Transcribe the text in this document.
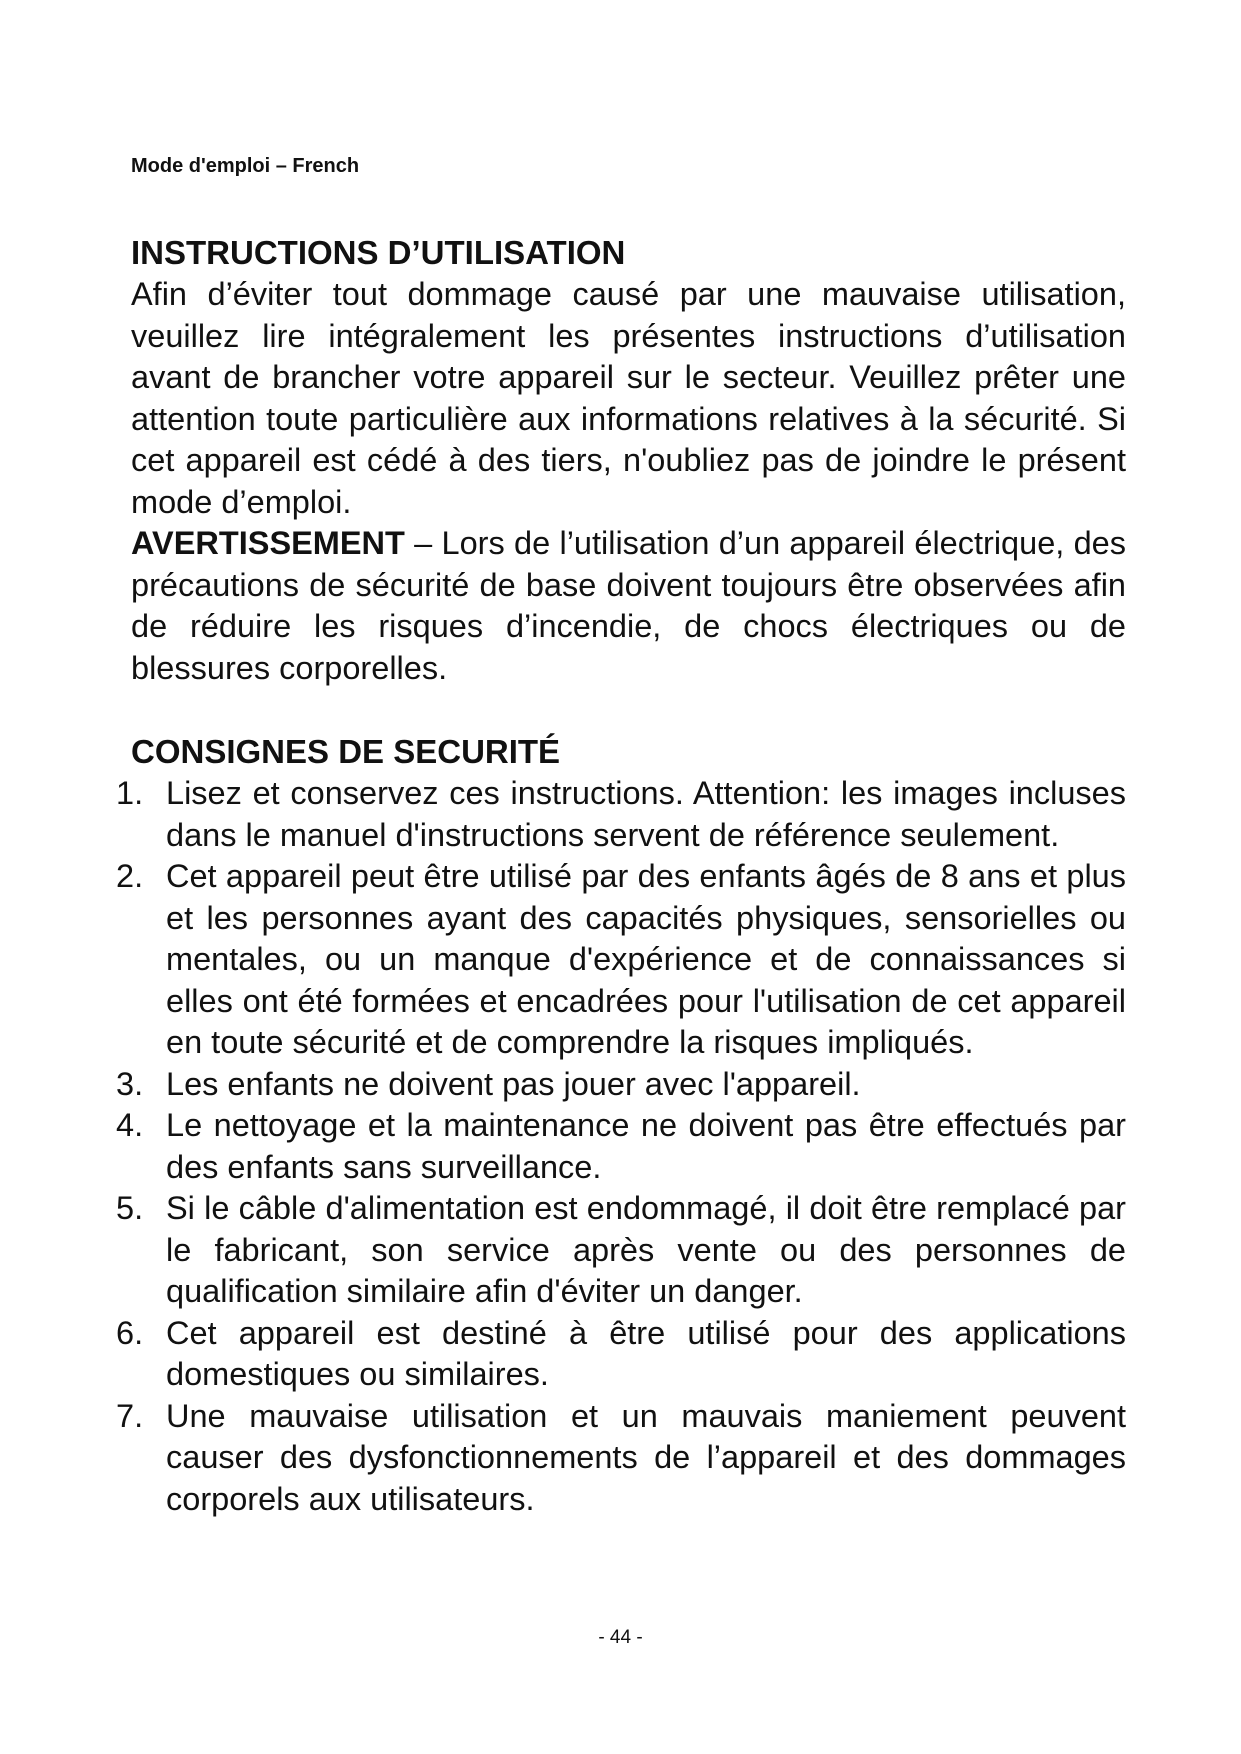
Mode d'emploi – French
INSTRUCTIONS D’UTILISATION

Afin d’éviter tout dommage causé par une mauvaise utilisation, veuillez lire intégralement les présentes instructions d’utilisation avant de brancher votre appareil sur le secteur. Veuillez prêter une attention toute particulière aux informations relatives à la sécurité. Si cet appareil est cédé à des tiers, n'oubliez pas de joindre le présent mode d’emploi.

AVERTISSEMENT – Lors de l’utilisation d’un appareil électrique, des précautions de sécurité de base doivent toujours être observées afin de réduire les risques d’incendie, de chocs électriques ou de blessures corporelles.

CONSIGNES DE SECURITÉ
1. Lisez et conservez ces instructions. Attention: les images incluses dans le manuel d'instructions servent de référence seulement.
2. Cet appareil peut être utilisé par des enfants âgés de 8 ans et plus et les personnes ayant des capacités physiques, sensorielles ou mentales, ou un manque d'expérience et de connaissances si elles ont été formées et encadrées pour l'utilisation de cet appareil en toute sécurité et de comprendre la risques impliqués.
3. Les enfants ne doivent pas jouer avec l'appareil.
4. Le nettoyage et la maintenance ne doivent pas être effectués par des enfants sans surveillance.
5. Si le câble d'alimentation est endommagé, il doit être remplacé par le fabricant, son service après vente ou des personnes de qualification similaire afin d'éviter un danger.
6. Cet appareil est destiné à être utilisé pour des applications domestiques ou similaires.
7. Une mauvaise utilisation et un mauvais maniement peuvent causer des dysfonctionnements de l’appareil et des dommages corporels aux utilisateurs.
- 44 -
